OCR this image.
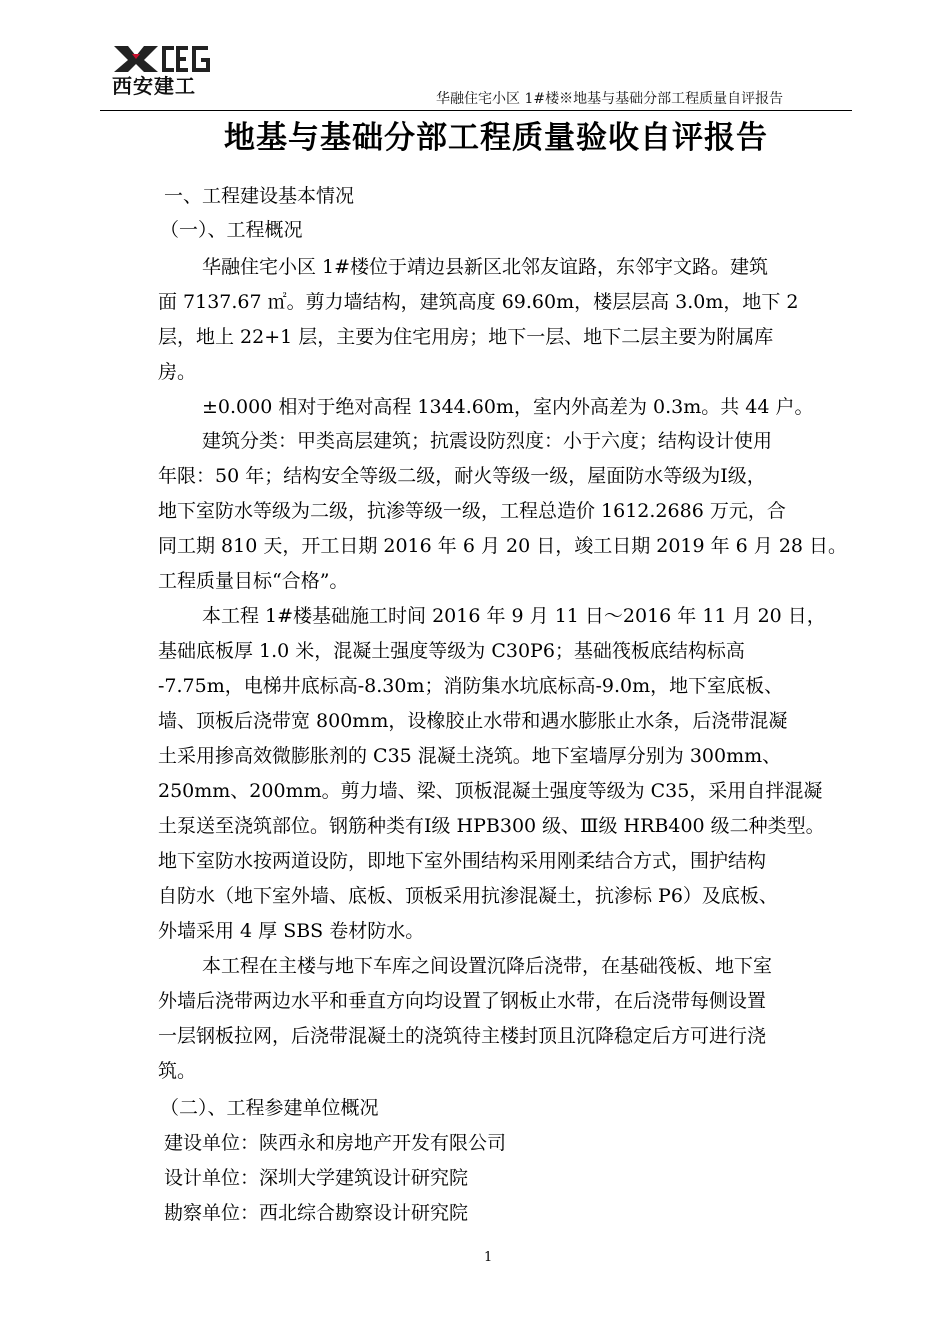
西安建工
华融住宅小区 1#楼※地基与基础分部工程质量自评报告
地基与基础分部工程质量验收自评报告
一、工程建设基本情况
（一）、工程概况
华融住宅小区 1#楼位于靖边县新区北邻友谊路，东邻宇文路。建筑
面 7137.67 ㎡。剪力墙结构，建筑高度 69.60m，楼层层高 3.0m，地下 2
层，地上 22+1 层，主要为住宅用房；地下一层、地下二层主要为附属库
房。
±0.000 相对于绝对高程 1344.60m，室内外高差为 0.3m。共 44 户。
建筑分类：甲类高层建筑；抗震设防烈度：小于六度；结构设计使用
年限：50 年；结构安全等级二级，耐火等级一级，屋面防水等级为Ⅰ级，
地下室防水等级为二级，抗渗等级一级，工程总造价 1612.2686 万元，合
同工期 810 天，开工日期 2016 年 6 月 20 日，竣工日期 2019 年 6 月 28 日。
工程质量目标“合格”。
本工程 1#楼基础施工时间 2016 年 9 月 11 日～2016 年 11 月 20 日，
基础底板厚 1.0 米，混凝土强度等级为 C30P6；基础筏板底结构标高
-7.75m，电梯井底标高-8.30m；消防集水坑底标高-9.0m，地下室底板、
墙、顶板后浇带宽 800mm，设橡胶止水带和遇水膨胀止水条，后浇带混凝
土采用掺高效微膨胀剂的 C35 混凝土浇筑。地下室墙厚分别为 300mm、
250mm、200mm。剪力墙、梁、顶板混凝土强度等级为 C35，采用自拌混凝
土泵送至浇筑部位。钢筋种类有Ⅰ级 HPB300 级、Ⅲ级 HRB400 级二种类型。
地下室防水按两道设防，即地下室外围结构采用刚柔结合方式，围护结构
自防水（地下室外墙、底板、顶板采用抗渗混凝土，抗渗标 P6）及底板、
外墙采用 4 厚 SBS 卷材防水。
本工程在主楼与地下车库之间设置沉降后浇带，在基础筏板、地下室
外墙后浇带两边水平和垂直方向均设置了钢板止水带，在后浇带每侧设置
一层钢板拉网，后浇带混凝土的浇筑待主楼封顶且沉降稳定后方可进行浇
筑。
（二）、工程参建单位概况
建设单位：陕西永和房地产开发有限公司
设计单位：深圳大学建筑设计研究院
勘察单位：西北综合勘察设计研究院
1
